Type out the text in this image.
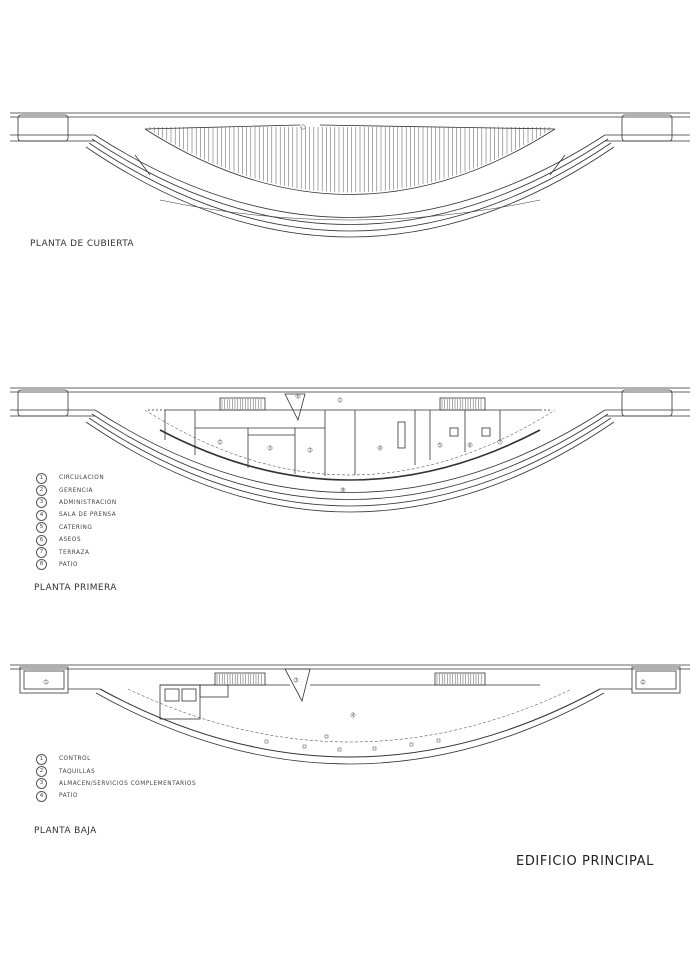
PLANTA DE CUBIERTA
1
8
2
3	3	4
5	6
7
6
1	CIRCULACION
2	GERENCIA
3	ADMINISTRACION
4	SALA DE PRENSA
5	CATERING
6	ASEOS
7	TERRAZA
8	PATIO
PLANTA PRIMERA
4
1	2
3
1	CONTROL
2	TAQUILLAS
3	ALMACEN/SERVICIOS COMPLEMENTARIOS
4	PATIO
PLANTA BAJA
EDIFICIO PRINCIPAL
